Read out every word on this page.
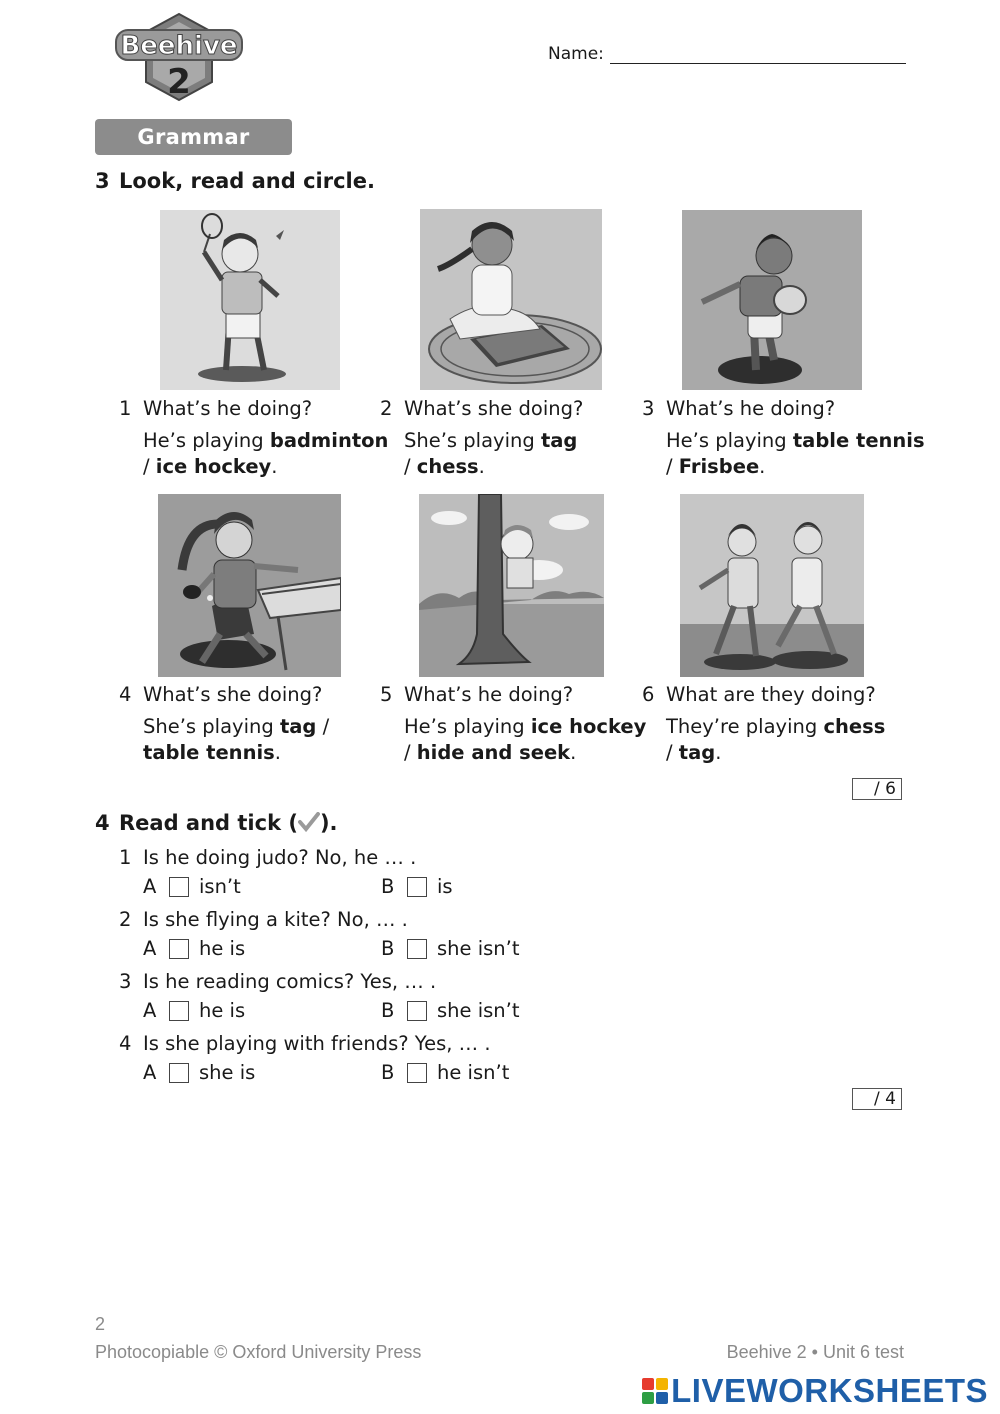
Beehive
2
Name:
Grammar
3 Look, read and circle.
1 What’s he doing?
He’s playing badminton
/ ice hockey.
2 What’s she doing?
She’s playing tag
/ chess.
3 What’s he doing?
He’s playing table tennis
/ Frisbee.
4 What’s she doing?
She’s playing tag /
table tennis.
5 What’s he doing?
He’s playing ice hockey
/ hide and seek.
6 What are they doing?
They’re playing chess
/ tag.
/ 6
4 Read and tick ( ).
1 Is he doing judo? No, he … .
A	isn’t	B	is
2 Is she flying a kite? No, … .
A	he is	B	she isn’t
3 Is he reading comics? Yes, … .
A	he is	B	she isn’t
4 Is she playing with friends? Yes, … .
A	she is	B	he isn’t
/ 4
2
Photocopiable © Oxford University Press	Beehive 2 • Unit 6 test
LIVEWORKSHEETS
